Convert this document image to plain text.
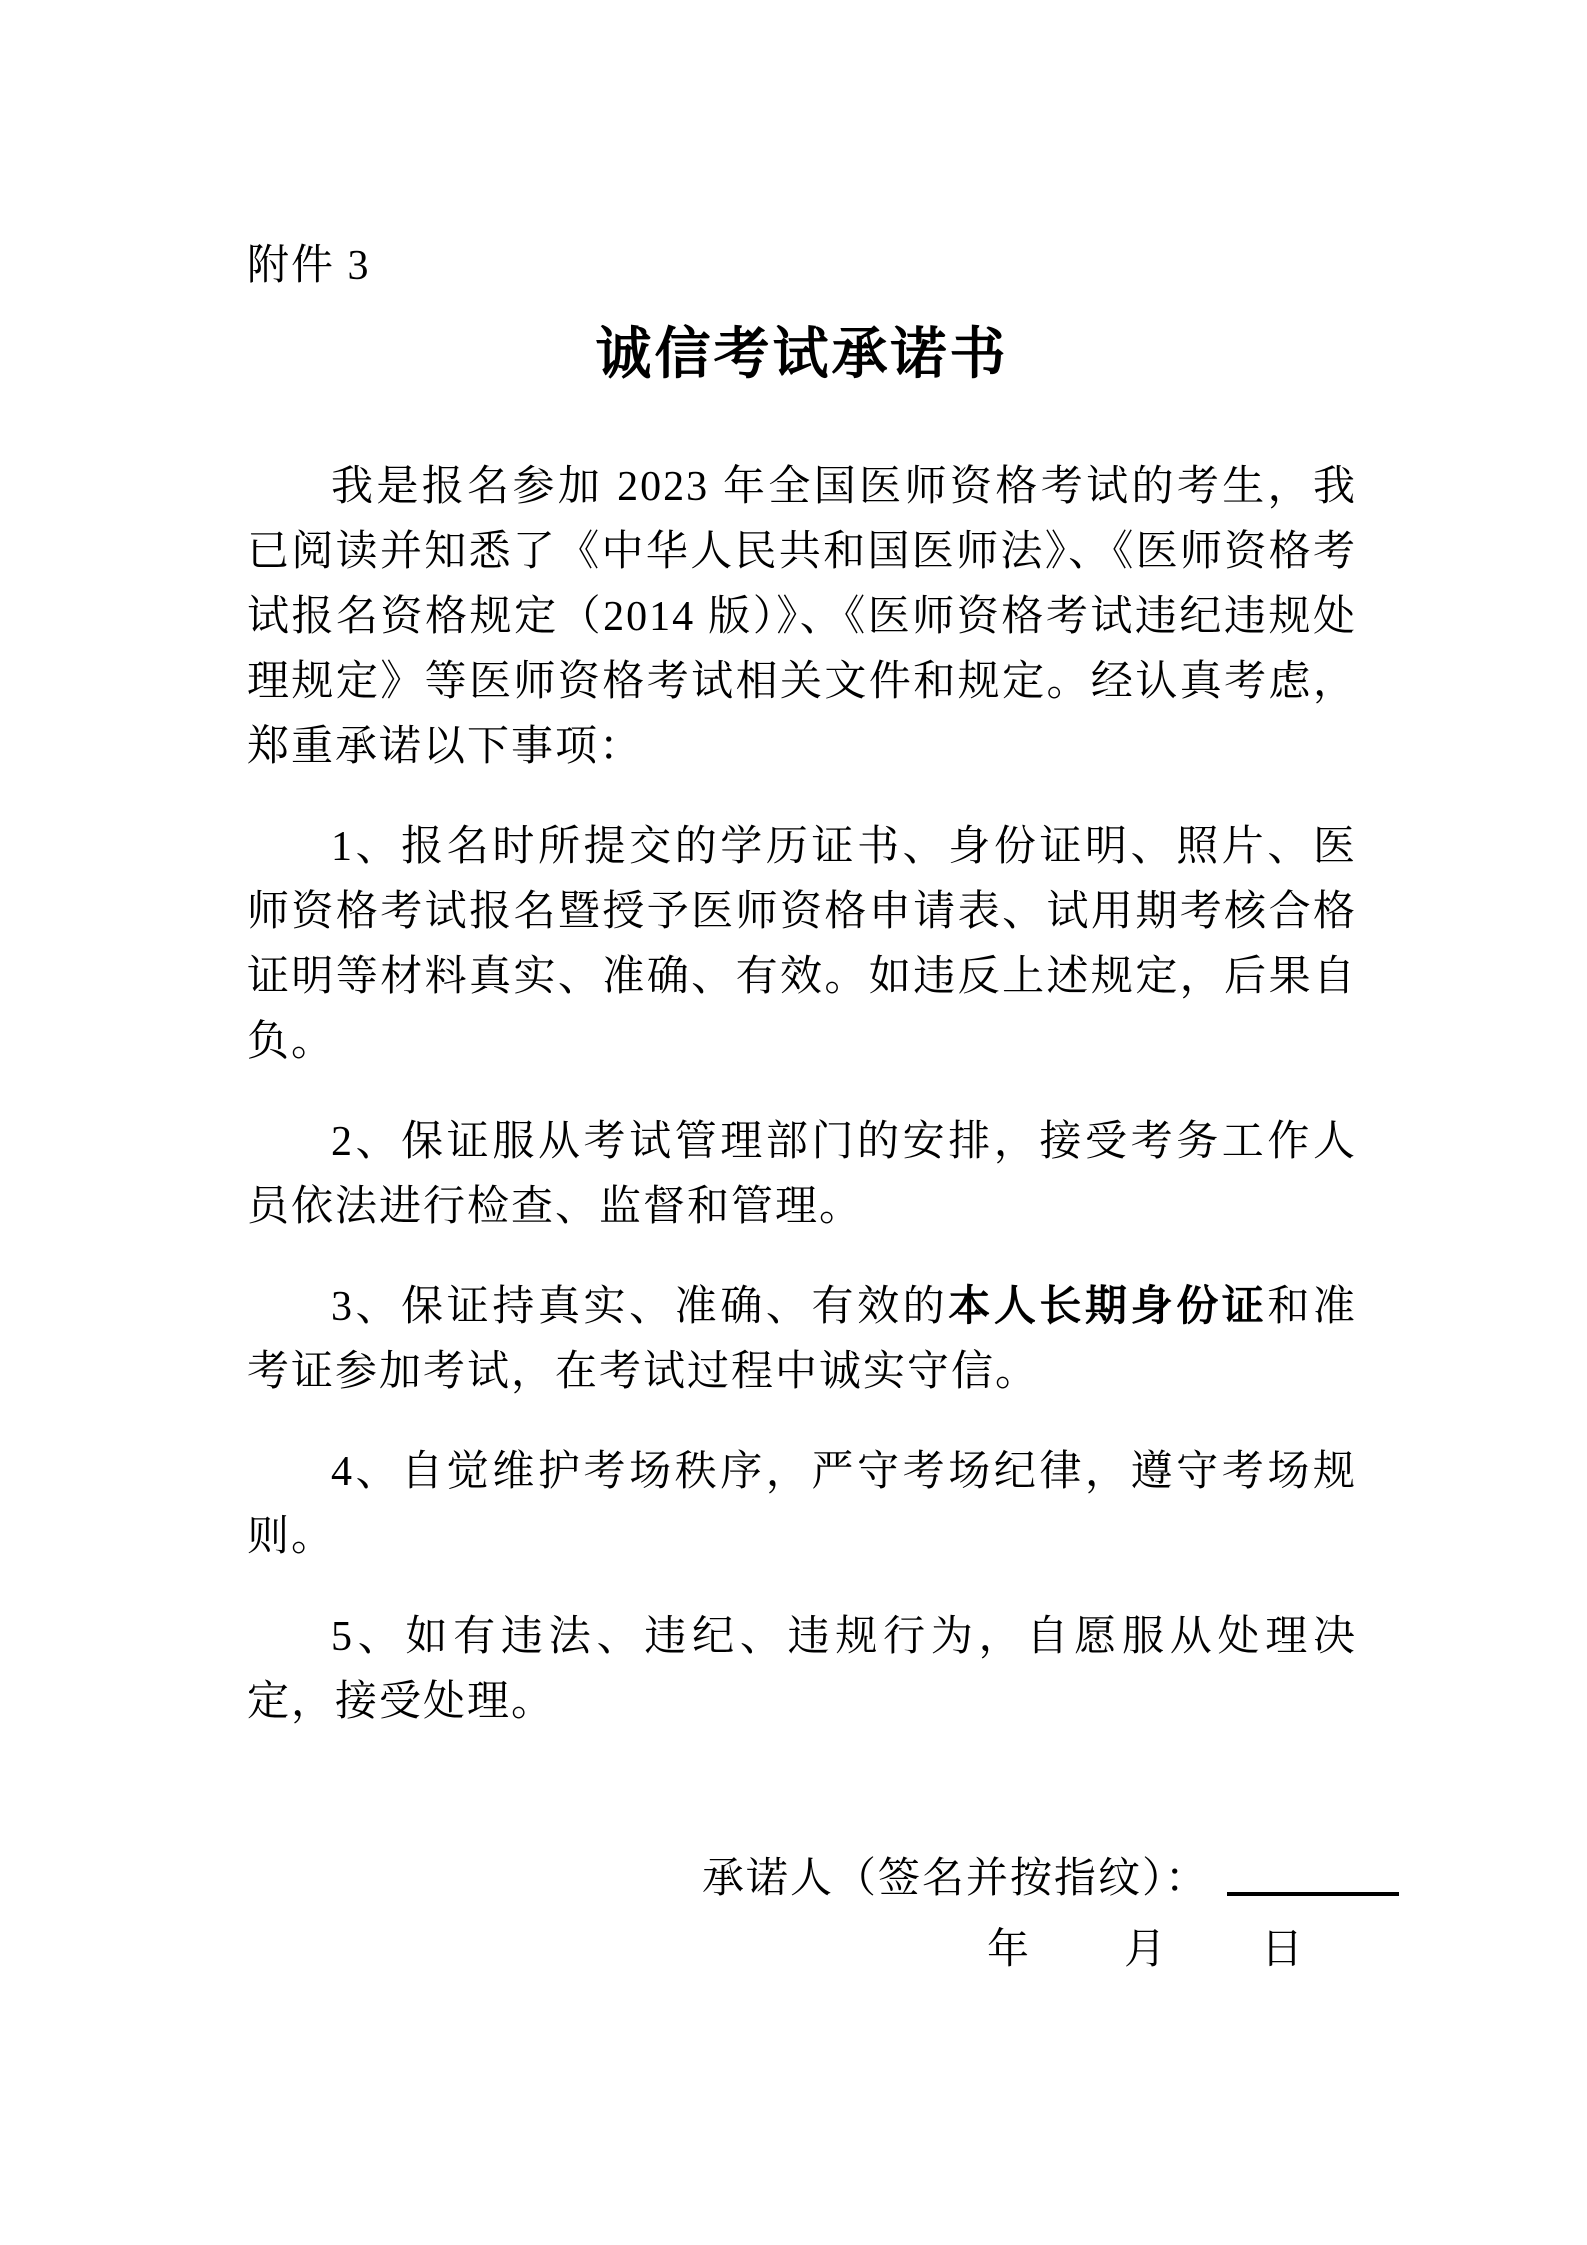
附件 3
诚信考试承诺书

我是报名参加 2023 年全国医师资格考试的考生，我已阅读并知悉了《中华人民共和国医师法》、《医师资格考试报名资格规定（2014 版）》、《医师资格考试违纪违规处理规定》等医师资格考试相关文件和规定。经认真考虑，郑重承诺以下事项：

1、报名时所提交的学历证书、身份证明、照片、医师资格考试报名暨授予医师资格申请表、试用期考核合格证明等材料真实、准确、有效。如违反上述规定，后果自负。

2、保证服从考试管理部门的安排，接受考务工作人员依法进行检查、监督和管理。

3、保证持真实、准确、有效的本人长期身份证和准考证参加考试，在考试过程中诚实守信。

4、自觉维护考场秩序，严守考场纪律，遵守考场规则。

5、如有违法、违纪、违规行为，自愿服从处理决定，接受处理。

承诺人（签名并按指纹）：
年 月 日
